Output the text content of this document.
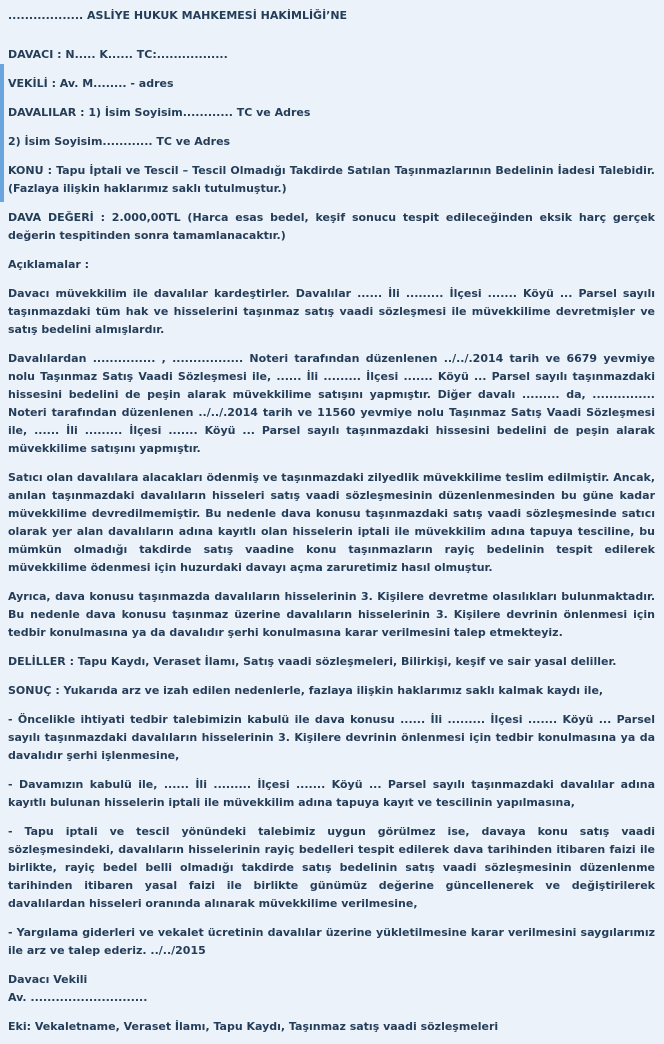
.................. ASLİYE HUKUK MAHKEMESİ HAKİMLİĞİ’NE

DAVACI : N..... K...... TC:.................

VEKİLİ : Av. M........ - adres

DAVALILAR : 1) İsim Soyisim............ TC ve Adres

2) İsim Soyisim............ TC ve Adres

KONU : Tapu İptali ve Tescil – Tescil Olmadığı Takdirde Satılan Taşınmazlarının Bedelinin İadesi Talebidir. (Fazlaya ilişkin haklarımız saklı tutulmuştur.)

DAVA DEĞERİ : 2.000,00TL (Harca esas bedel, keşif sonucu tespit edileceğinden eksik harç gerçek değerin tespitinden sonra tamamlanacaktır.)

Açıklamalar :

Davacı müvekkilim ile davalılar kardeştirler. Davalılar ...... İli ......... İlçesi ....... Köyü ... Parsel sayılı taşınmazdaki tüm hak ve hisselerini taşınmaz satış vaadi sözleşmesi ile müvekkilime devretmişler ve satış bedelini almışlardır.

Davalılardan ............... , ................. Noteri tarafından düzenlenen ../../.2014 tarih ve 6679 yevmiye nolu Taşınmaz Satış Vaadi Sözleşmesi ile, ...... İli ......... İlçesi ....... Köyü ... Parsel sayılı taşınmazdaki hissesini bedelini de peşin alarak müvekkilime satışını yapmıştır. Diğer davalı ......... da, ............... Noteri tarafından düzenlenen ../../.2014 tarih ve 11560 yevmiye nolu Taşınmaz Satış Vaadi Sözleşmesi ile, ...... İli ......... İlçesi ....... Köyü ... Parsel sayılı taşınmazdaki hissesini bedelini de peşin alarak müvekkilime satışını yapmıştır.

Satıcı olan davalılara alacakları ödenmiş ve taşınmazdaki zilyedlik müvekkilime teslim edilmiştir. Ancak, anılan taşınmazdaki davalıların hisseleri satış vaadi sözleşmesinin düzenlenmesinden bu güne kadar müvekkilime devredilmemiştir. Bu nedenle dava konusu taşınmazdaki satış vaadi sözleşmesinde satıcı olarak yer alan davalıların adına kayıtlı olan hisselerin iptali ile müvekkilim adına tapuya tesciline, bu mümkün olmadığı takdirde satış vaadine konu taşınmazların rayiç bedelinin tespit edilerek müvekkilime ödenmesi için huzurdaki davayı açma zaruretimiz hasıl olmuştur.

Ayrıca, dava konusu taşınmazda davalıların hisselerinin 3. Kişilere devretme olasılıkları bulunmaktadır. Bu nedenle dava konusu taşınmaz üzerine davalıların hisselerinin 3. Kişilere devrinin önlenmesi için tedbir konulmasına ya da davalıdır şerhi konulmasına karar verilmesini talep etmekteyiz.

DELİLLER : Tapu Kaydı, Veraset İlamı, Satış vaadi sözleşmeleri, Bilirkişi, keşif ve sair yasal deliller.

SONUÇ : Yukarıda arz ve izah edilen nedenlerle, fazlaya ilişkin haklarımız saklı kalmak kaydı ile,

- Öncelikle ihtiyati tedbir talebimizin kabulü ile dava konusu ...... İli ......... İlçesi ....... Köyü ... Parsel sayılı taşınmazdaki davalıların hisselerinin 3. Kişilere devrinin önlenmesi için tedbir konulmasına ya da davalıdır şerhi işlenmesine,

- Davamızın kabulü ile, ...... İli ......... İlçesi ....... Köyü ... Parsel sayılı taşınmazdaki davalılar adına kayıtlı bulunan hisselerin iptali ile müvekkilim adına tapuya kayıt ve tescilinin yapılmasına,

- Tapu iptali ve tescil yönündeki talebimiz uygun görülmez ise, davaya konu satış vaadi sözleşmesindeki, davalıların hisselerinin rayiç bedelleri tespit edilerek dava tarihinden itibaren faizi ile birlikte, rayiç bedel belli olmadığı takdirde satış bedelinin satış vaadi sözleşmesinin düzenlenme tarihinden itibaren yasal faizi ile birlikte günümüz değerine güncellenerek ve değiştirilerek davalılardan hisseleri oranında alınarak müvekkilime verilmesine,

- Yargılama giderleri ve vekalet ücretinin davalılar üzerine yükletilmesine karar verilmesini saygılarımız ile arz ve talep ederiz. ../../2015

Davacı Vekili
Av. ............................

Eki: Vekaletname, Veraset İlamı, Tapu Kaydı, Taşınmaz satış vaadi sözleşmeleri
